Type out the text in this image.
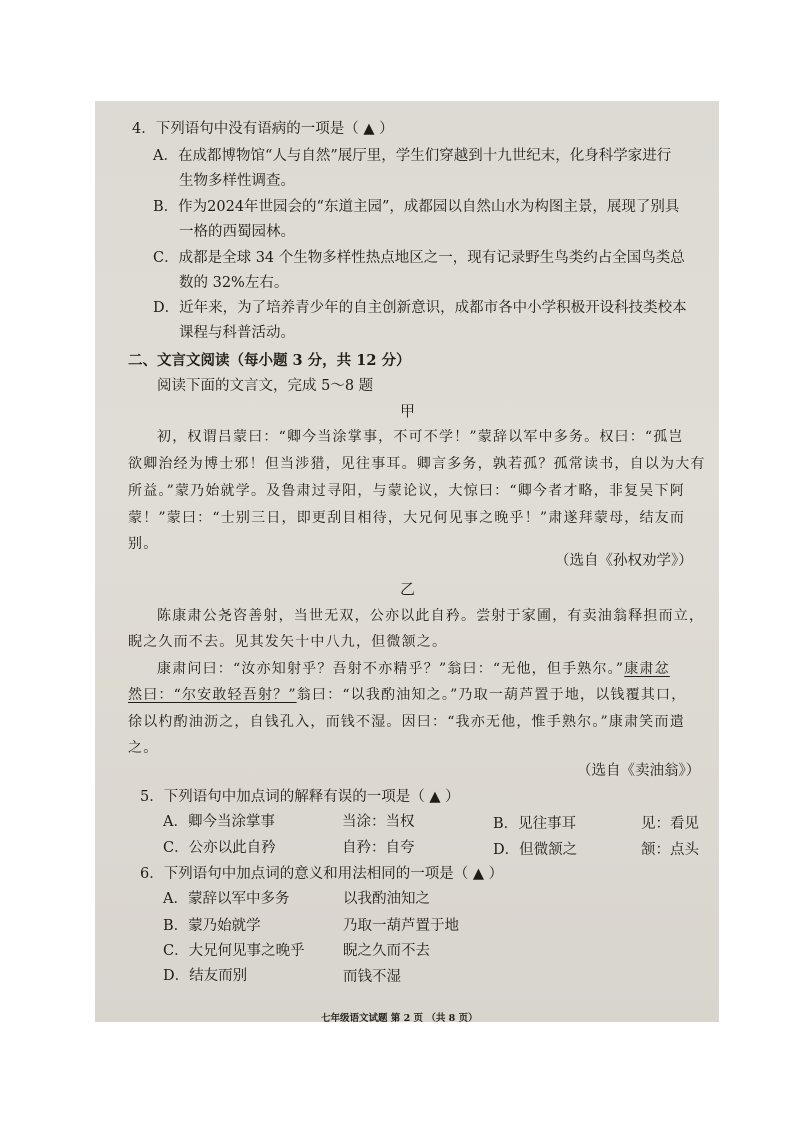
4．下列语句中没有语病的一项是（ ▲ ）
A．在成都博物馆“人与自然”展厅里，学生们穿越到十九世纪末，化身科学家进行
生物多样性调查。
B．作为2024年世园会的“东道主园”，成都园以自然山水为构图主景，展现了别具
一格的西蜀园林。
C．成都是全球 34 个生物多样性热点地区之一，现有记录野生鸟类约占全国鸟类总
数的 32%左右。
D．近年来，为了培养青少年的自主创新意识，成都市各中小学积极开设科技类校本
课程与科普活动。
二、文言文阅读（每小题 3 分，共 12 分）
阅读下面的文言文，完成 5～8 题
甲
初，权谓吕蒙曰：“卿今当涂掌事，不可不学！”蒙辞以军中多务。权曰：“孤岂
欲卿治经为博士邪！但当涉猎，见往事耳。卿言多务，孰若孤？孤常读书，自以为大有
所益。”蒙乃始就学。及鲁肃过寻阳，与蒙论议，大惊曰：“卿今者才略，非复吴下阿
蒙！”蒙曰：“士别三日，即更刮目相待，大兄何见事之晚乎！”肃遂拜蒙母，结友而
别。
（选自《孙权劝学》）
乙
陈康肃公尧咨善射，当世无双，公亦以此自矜。尝射于家圃，有卖油翁释担而立，
睨之久而不去。见其发矢十中八九，但微颔之。
康肃问曰：“汝亦知射乎？吾射不亦精乎？”翁曰：“无他，但手熟尔。”康肃忿
然曰：“尔安敢轻吾射？”翁曰：“以我酌油知之。”乃取一葫芦置于地，以钱覆其口，
徐以杓酌油沥之，自钱孔入，而钱不湿。因曰：“我亦无他，惟手熟尔。”康肃笑而遣
之。
（选自《卖油翁》）
5．下列语句中加点词的解释有误的一项是（ ▲ ）
A．卿今当涂掌事	当涂：当权	B．见往事耳	见：看见
C．公亦以此自矜	自矜：自夸	D．但微颔之	颔：点头
6．下列语句中加点词的意义和用法相同的一项是（ ▲ ）
A．蒙辞以军中多务	以我酌油知之
B．蒙乃始就学	乃取一葫芦置于地
C．大兄何见事之晚乎	睨之久而不去
D．结友而别	而钱不湿
七年级语文试题 第 2 页 （共 8 页）
